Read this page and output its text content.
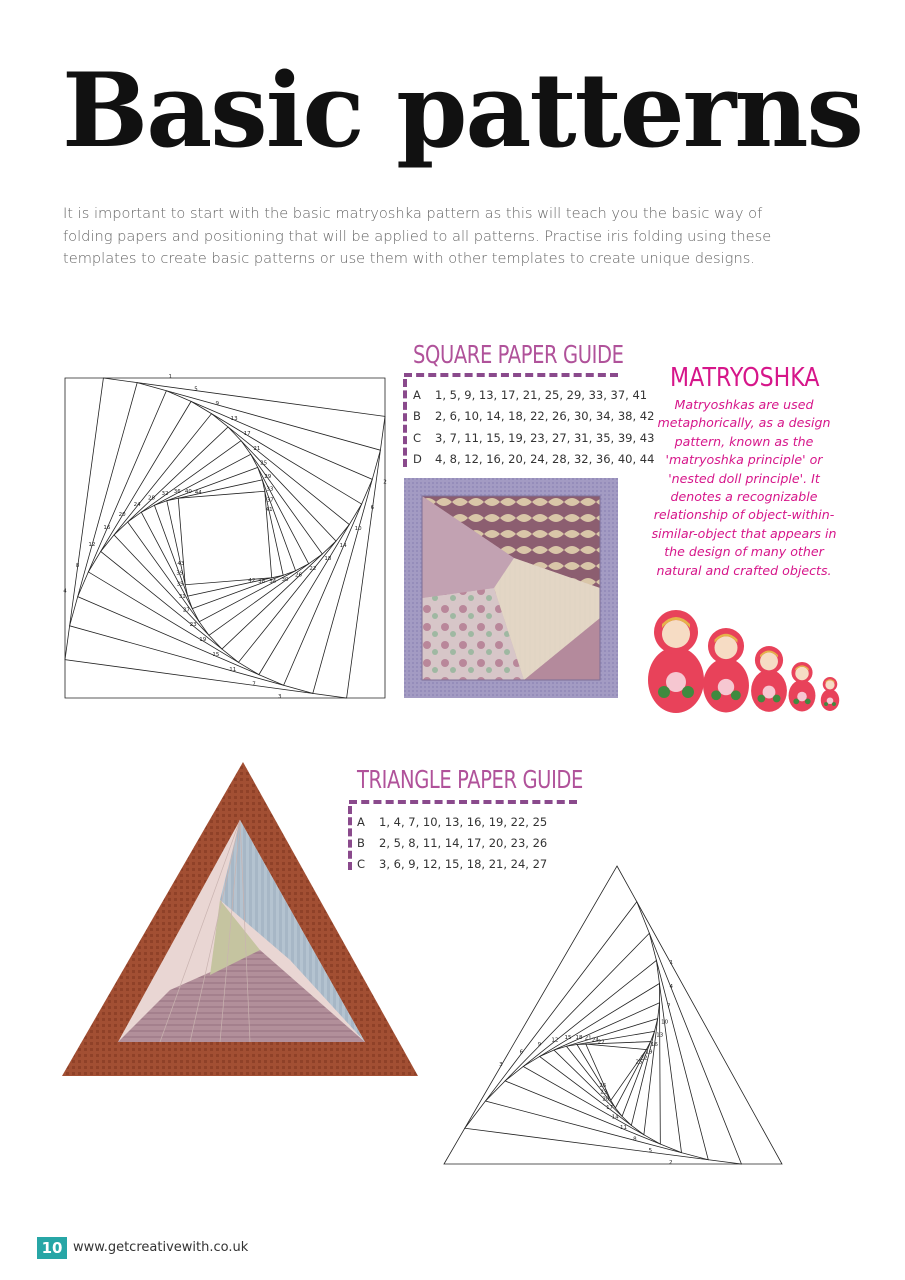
Basic patterns

It is important to start with the basic matryoshka pattern as this will teach you the basic way of folding papers and positioning that will be applied to all patterns. Practise iris folding using these templates to create basic patterns or use them with other templates to create unique designs.

1
2
3
4
5
6
7
8
9
10
11
12
13
14
15
16
17
18
19
20
21
22
23
24
25
26
27
28
29
30
31
32
33
34
35
36
37
38
39
40
41
42
43
44
SQUARE PAPER GUIDE
A 1, 5, 9, 13, 17, 21, 25, 29, 33, 37, 41
B 2, 6, 10, 14, 18, 22, 26, 30, 34, 38, 42
C 3, 7, 11, 15, 19, 23, 27, 31, 35, 39, 43
D 4, 8, 12, 16, 20, 24, 28, 32, 36, 40, 44
MATRYOSHKA
Matryoshkas are used metaphorically, as a design pattern, known as the 'matryoshka principle' or 'nested doll principle'. It denotes a recognizable relationship of object-within-similar-object that appears in the design of many other natural and crafted objects.
TRIANGLE PAPER GUIDE
A 1, 4, 7, 10, 13, 16, 19, 22, 25
B 2, 5, 8, 11, 14, 17, 20, 23, 26
C 3, 6, 9, 12, 15, 18, 21, 24, 27
1
2
3
4
5
6
7
8
9
10
11
12
13
14
15
16
17
18
19
20
21
22
23
24
25
26
27
10 www.getcreativewith.co.uk
